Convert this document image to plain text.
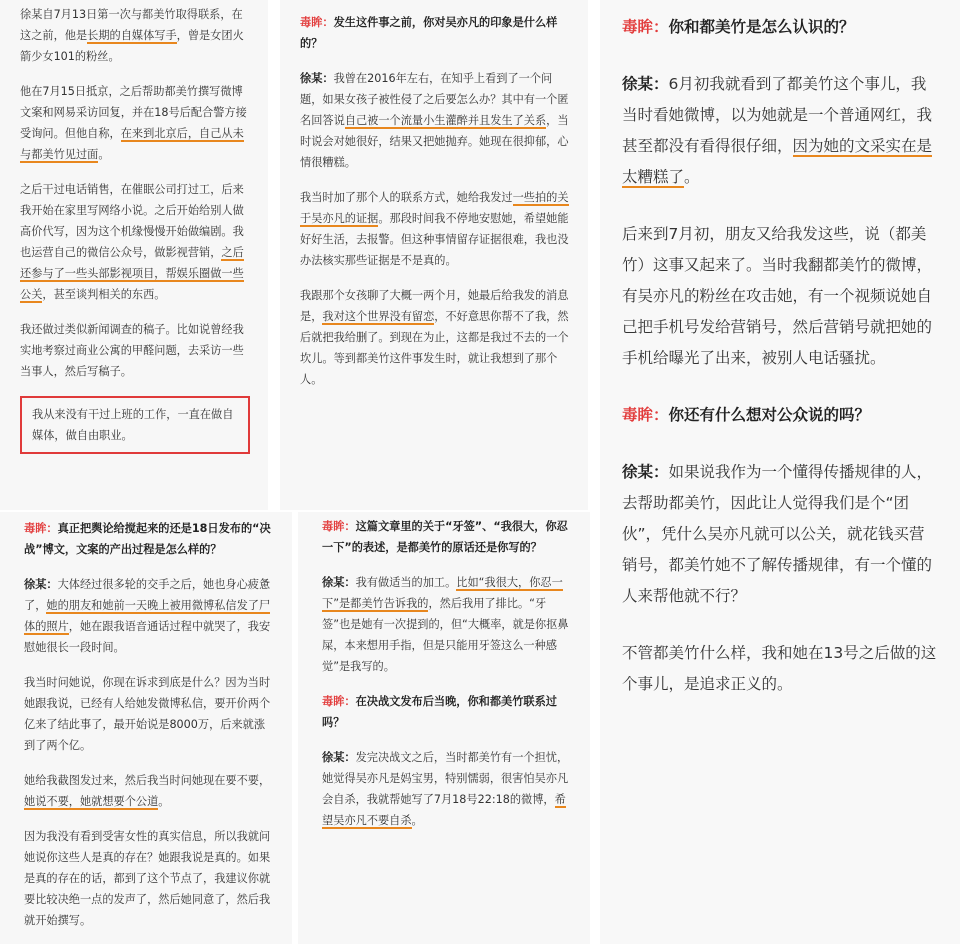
徐某自7月13日第一次与都美竹取得联系，在这之前，他是长期的自媒体写手，曾是女团火箭少女101的粉丝。

他在7月15日抵京，之后帮助都美竹撰写微博文案和网易采访回复，并在18号后配合警方接受询问。但他自称，在来到北京后，自己从未与都美竹见过面。

之后干过电话销售，在催眠公司打过工，后来我开始在家里写网络小说。之后开始给别人做高价代写，因为这个机缘慢慢开始做编剧。我也运营自己的微信公众号，做影视营销，之后还参与了一些头部影视项目，帮娱乐圈做一些公关，甚至谈判相关的东西。

我还做过类似新闻调查的稿子。比如说曾经我实地考察过商业公寓的甲醛问题，去采访一些当事人，然后写稿子。

我从来没有干过上班的工作，一直在做自媒体，做自由职业。

毒眸：发生这件事之前，你对吴亦凡的印象是什么样的？

徐某：我曾在2016年左右，在知乎上看到了一个问题，如果女孩子被性侵了之后要怎么办？其中有一个匿名回答说自己被一个流量小生灌醉并且发生了关系，当时说会对她很好，结果又把她抛弃。她现在很抑郁，心情很糟糕。

我当时加了那个人的联系方式，她给我发过一些拍的关于吴亦凡的证据。那段时间我不停地安慰她，希望她能好好生活，去报警。但这种事情留存证据很难，我也没办法核实那些证据是不是真的。

我跟那个女孩聊了大概一两个月，她最后给我发的消息是，我对这个世界没有留恋，不好意思你帮不了我，然后就把我给删了。到现在为止，这都是我过不去的一个坎儿。等到都美竹这件事发生时，就让我想到了那个人。

毒眸：真正把舆论给搅起来的还是18日发布的“决战”博文，文案的产出过程是怎么样的？

徐某：大体经过很多轮的交手之后，她也身心疲惫了，她的朋友和她前一天晚上被用微博私信发了尸体的照片，她在跟我语音通话过程中就哭了，我安慰她很长一段时间。

我当时问她说，你现在诉求到底是什么？因为当时她跟我说，已经有人给她发微博私信，要开价两个亿来了结此事了，最开始说是8000万，后来就涨到了两个亿。

她给我截图发过来，然后我当时问她现在要不要，她说不要，她就想要个公道。

因为我没有看到受害女性的真实信息，所以我就问她说你这些人是真的存在？她跟我说是真的。如果是真的存在的话，都到了这个节点了，我建议你就要比较决绝一点的发声了，然后她同意了，然后我就开始撰写。

毒眸：这篇文章里的关于“牙签”、“我很大，你忍一下”的表述，是都美竹的原话还是你写的？

徐某：我有做适当的加工。比如“我很大，你忍一下”是都美竹告诉我的，然后我用了排比。“牙签”也是她有一次提到的，但“大概率，就是你抠鼻屎，本来想用手指，但是只能用牙签这么一种感觉”是我写的。

毒眸：在决战文发布后当晚，你和都美竹联系过吗？

徐某：发完决战文之后，当时都美竹有一个担忧，她觉得吴亦凡是妈宝男，特别懦弱，很害怕吴亦凡会自杀，我就帮她写了7月18号22:18的微博，希望吴亦凡不要自杀。

毒眸：你和都美竹是怎么认识的？

徐某：6月初我就看到了都美竹这个事儿，我当时看她微博，以为她就是一个普通网红，我甚至都没有看得很仔细，因为她的文采实在是太糟糕了。

后来到7月初，朋友又给我发这些，说（都美竹）这事又起来了。当时我翻都美竹的微博，有吴亦凡的粉丝在攻击她，有一个视频说她自己把手机号发给营销号，然后营销号就把她的手机给曝光了出来，被别人电话骚扰。

毒眸：你还有什么想对公众说的吗？

徐某：如果说我作为一个懂得传播规律的人，去帮助都美竹，因此让人觉得我们是个“团伙”，凭什么吴亦凡就可以公关，就花钱买营销号，都美竹她不了解传播规律，有一个懂的人来帮他就不行？

不管都美竹什么样，我和她在13号之后做的这个事儿，是追求正义的。
